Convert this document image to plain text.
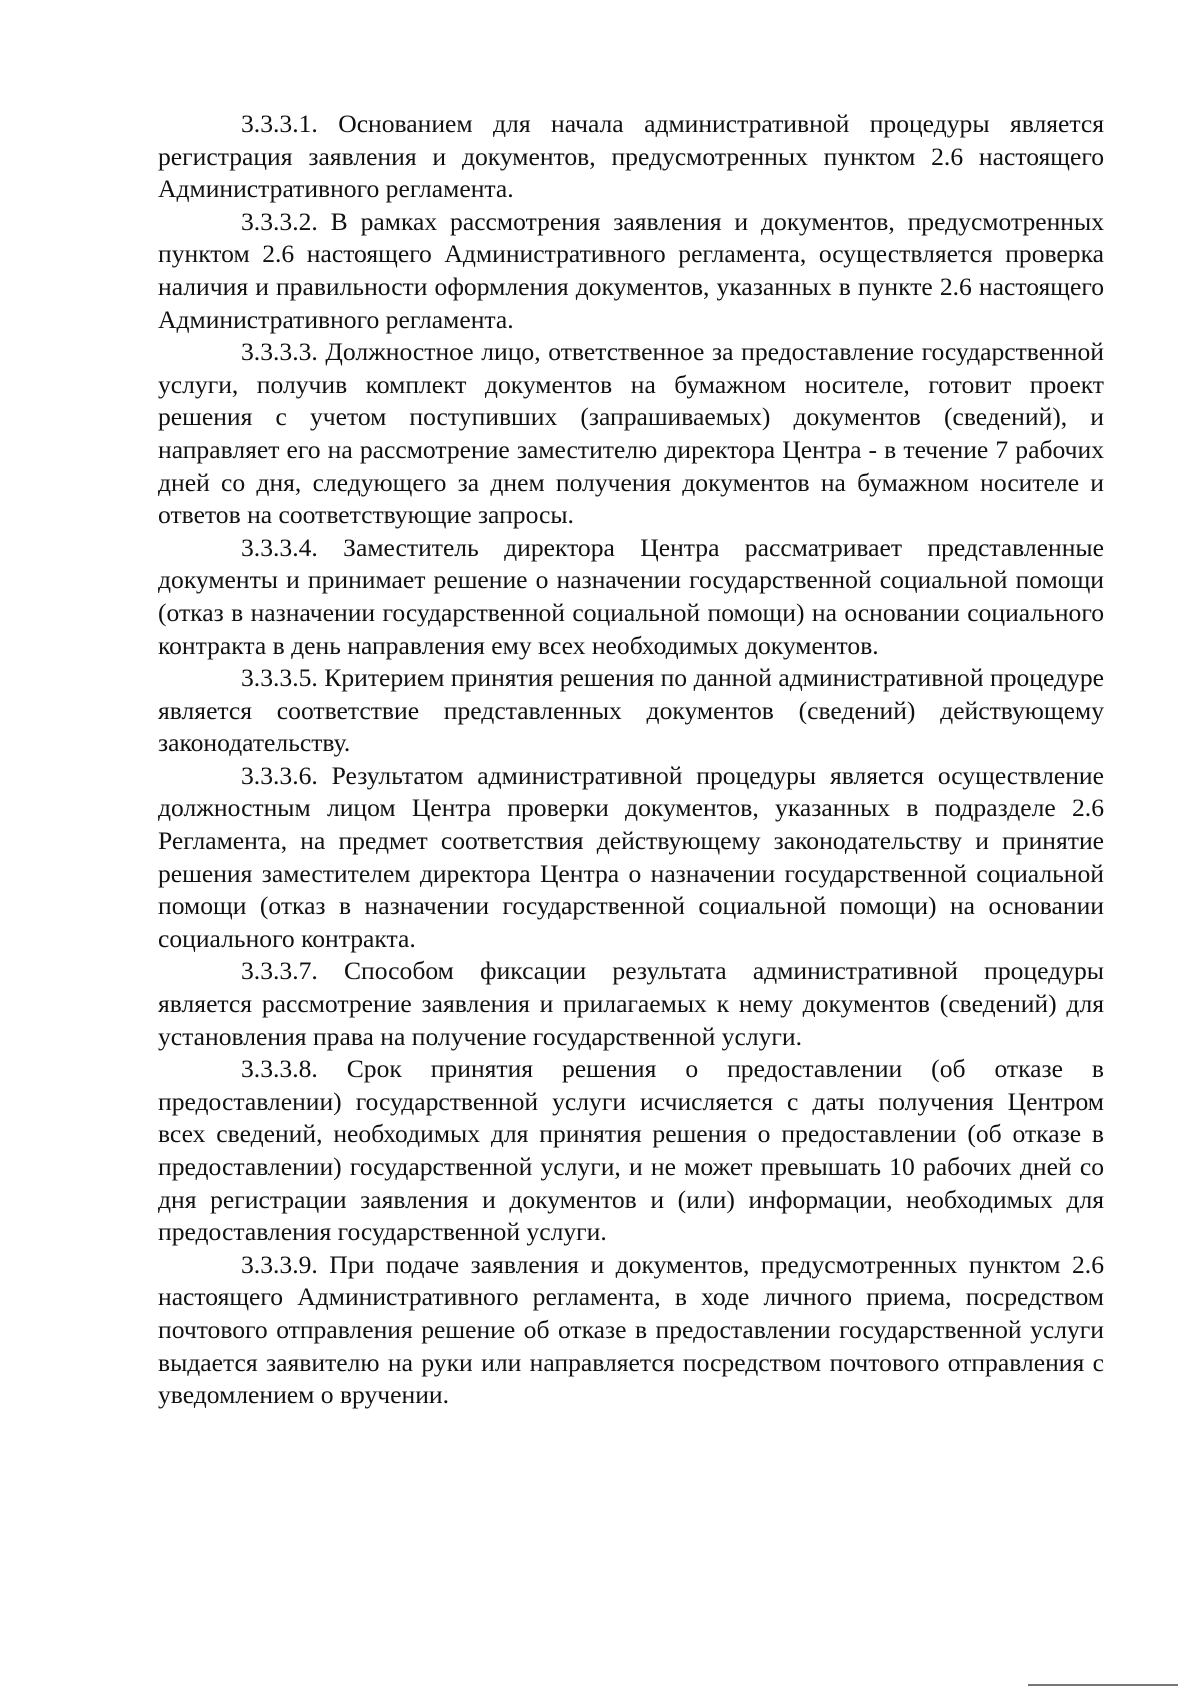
3.3.3.1. Основанием для начала административной процедуры является регистрация заявления и документов, предусмотренных пунктом 2.6 настоящего Административного регламента.

3.3.3.2. В рамках рассмотрения заявления и документов, предусмотренных пунктом 2.6 настоящего Административного регламента, осуществляется проверка наличия и правильности оформления документов, указанных в пункте 2.6 настоящего Административного регламента.

3.3.3.3. Должностное лицо, ответственное за предоставление государственной услуги, получив комплект документов на бумажном носителе, готовит проект решения с учетом поступивших (запрашиваемых) документов (сведений), и направляет его на рассмотрение заместителю директора Центра - в течение 7 рабочих дней со дня, следующего за днем получения документов на бумажном носителе и ответов на соответствующие запросы.

3.3.3.4. Заместитель директора Центра рассматривает представленные документы и принимает решение о назначении государственной социальной помощи (отказ в назначении государственной социальной помощи) на основании социального контракта в день направления ему всех необходимых документов.

3.3.3.5. Критерием принятия решения по данной административной процедуре является соответствие представленных документов (сведений) действующему законодательству.

3.3.3.6. Результатом административной процедуры является осуществление должностным лицом Центра проверки документов, указанных в подразделе 2.6 Регламента, на предмет соответствия действующему законодательству и принятие решения заместителем директора Центра о назначении государственной социальной помощи (отказ в назначении государственной социальной помощи) на основании социального контракта.

3.3.3.7. Способом фиксации результата административной процедуры является рассмотрение заявления и прилагаемых к нему документов (сведений) для установления права на получение государственной услуги.

3.3.3.8. Срок принятия решения о предоставлении (об отказе в предоставлении) государственной услуги исчисляется с даты получения Центром всех сведений, необходимых для принятия решения о предоставлении (об отказе в предоставлении) государственной услуги, и не может превышать 10 рабочих дней со дня регистрации заявления и документов и (или) информации, необходимых для предоставления государственной услуги.

3.3.3.9. При подаче заявления и документов, предусмотренных пунктом 2.6 настоящего Административного регламента, в ходе личного приема, посредством почтового отправления решение об отказе в предоставлении государственной услуги выдается заявителю на руки или направляется посредством почтового отправления с уведомлением о вручении.
